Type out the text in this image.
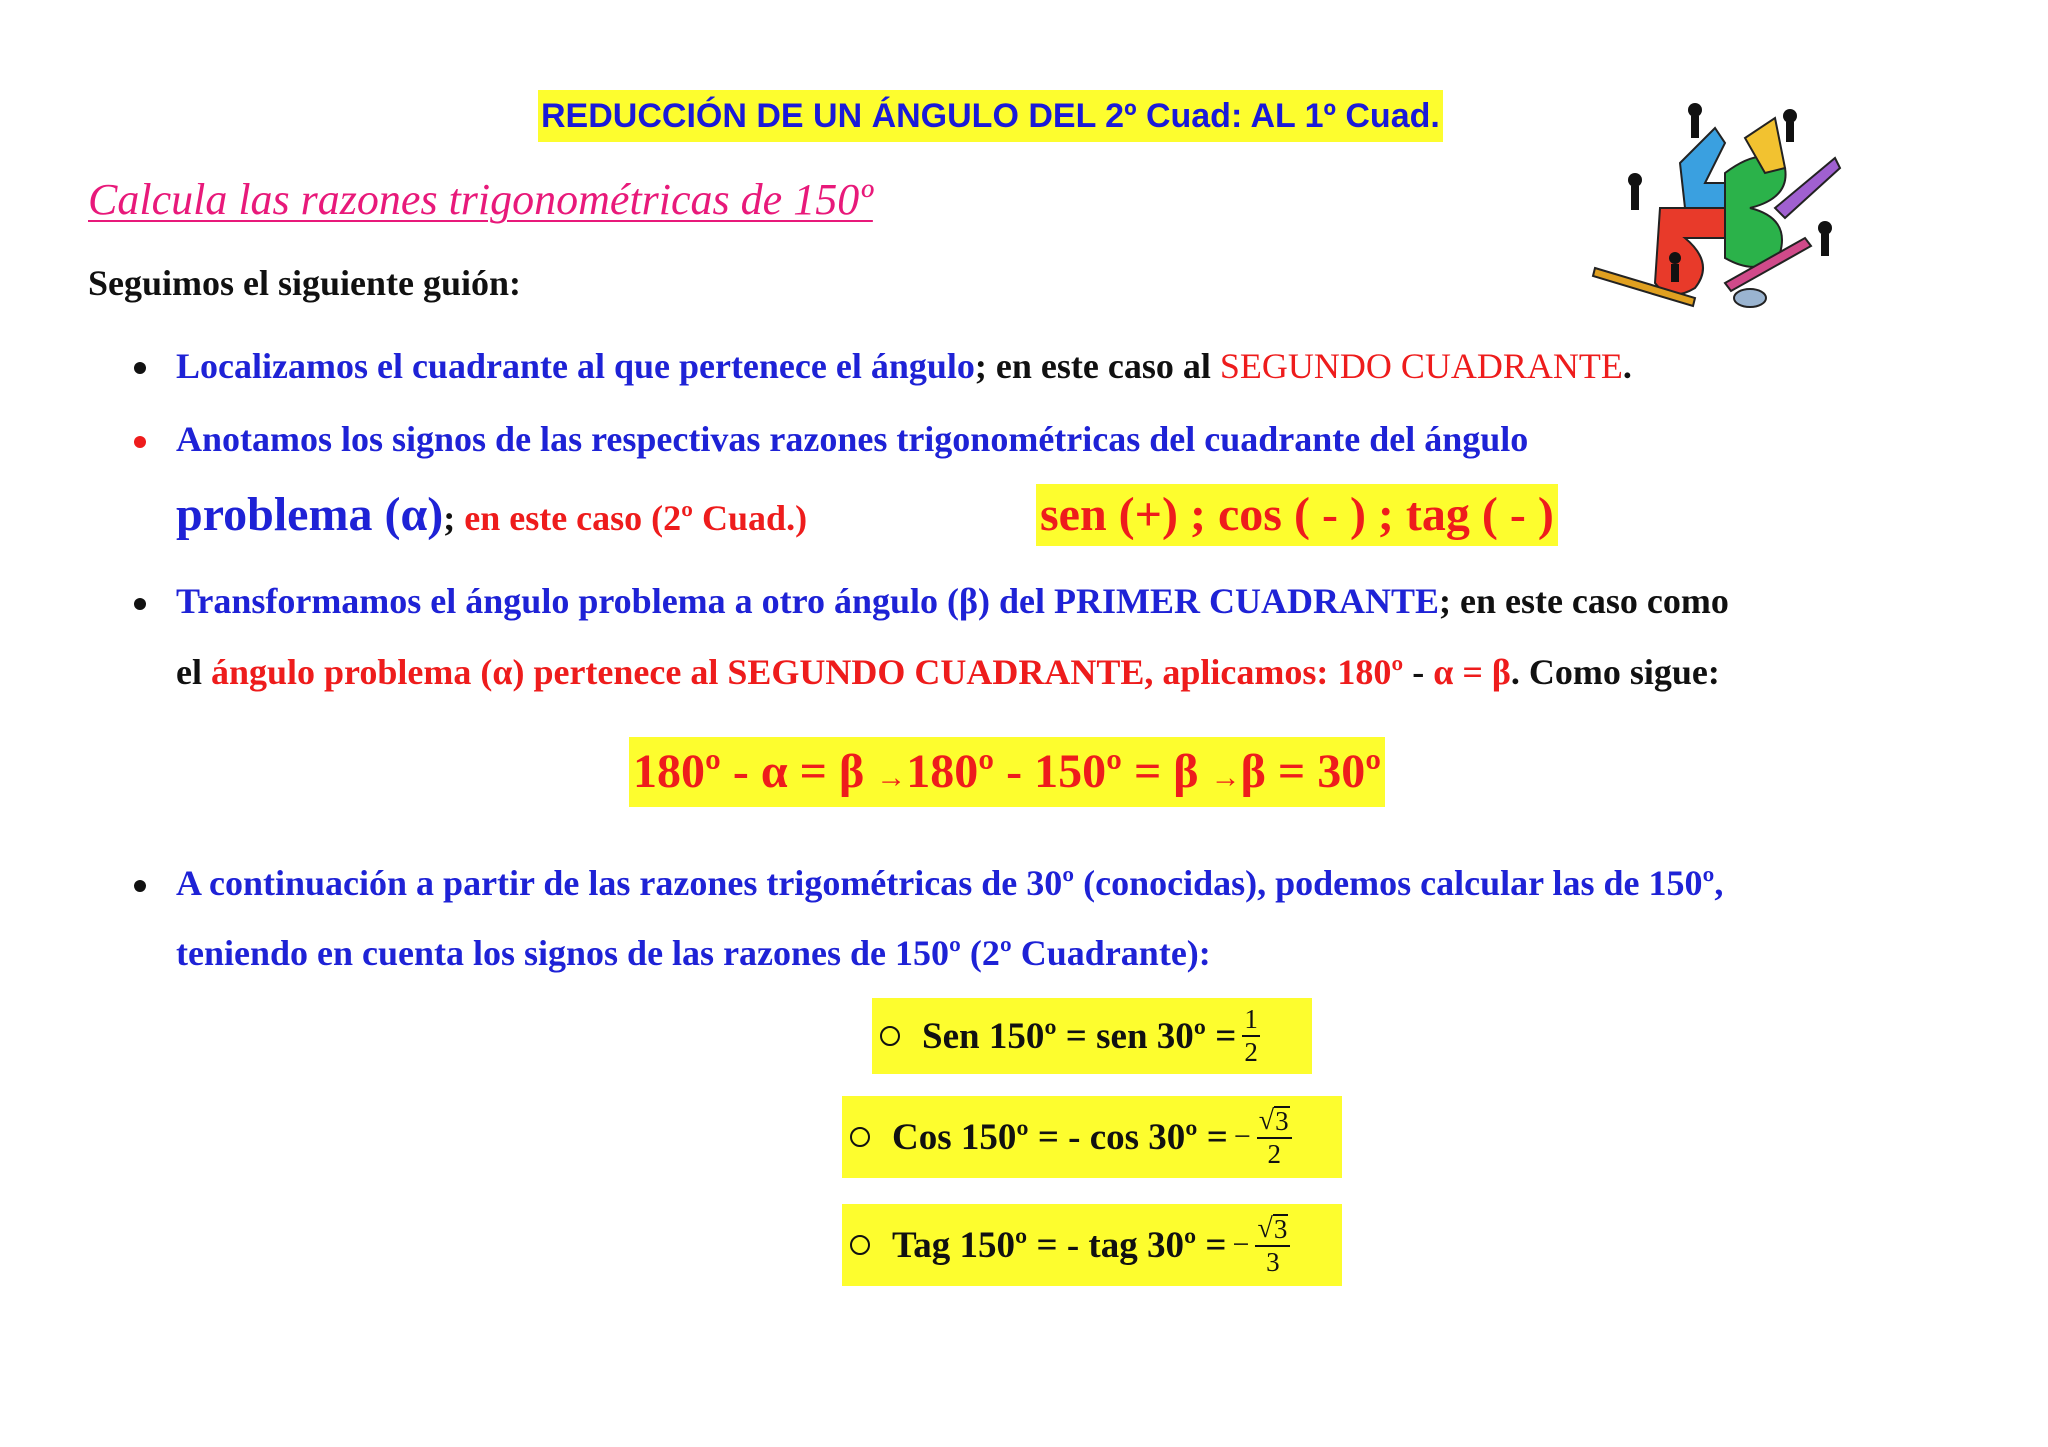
REDUCCIÓN DE UN ÁNGULO DEL 2º Cuad: AL 1º Cuad.
Calcula las razones trigonométricas de 150º
Seguimos el siguiente guión:
Localizamos el cuadrante al que pertenece el ángulo; en este caso al SEGUNDO CUADRANTE.
Anotamos los signos de las respectivas razones trigonométricas del cuadrante del ángulo
problema (α); en este caso (2º Cuad.)	sen (+) ; cos ( - ) ; tag ( - )
Transformamos el ángulo problema a otro ángulo (β) del PRIMER CUADRANTE; en este caso como
el ángulo problema (α) pertenece al SEGUNDO CUADRANTE, aplicamos: 180º - α = β. Como sigue:
180º - α = β →180º - 150º = β →β = 30º
A continuación a partir de las razones trigométricas de 30º (conocidas), podemos calcular las de 150º,
teniendo en cuenta los signos de las razones de 150º (2º Cuadrante):
Sen 150º = sen 30º = $\frac{1}{2}$
Cos 150º = - cos 30º = − $\frac{√ 3}{2}$
Tag 150º = - tag 30º = − $\frac{√ 3}{3}$
